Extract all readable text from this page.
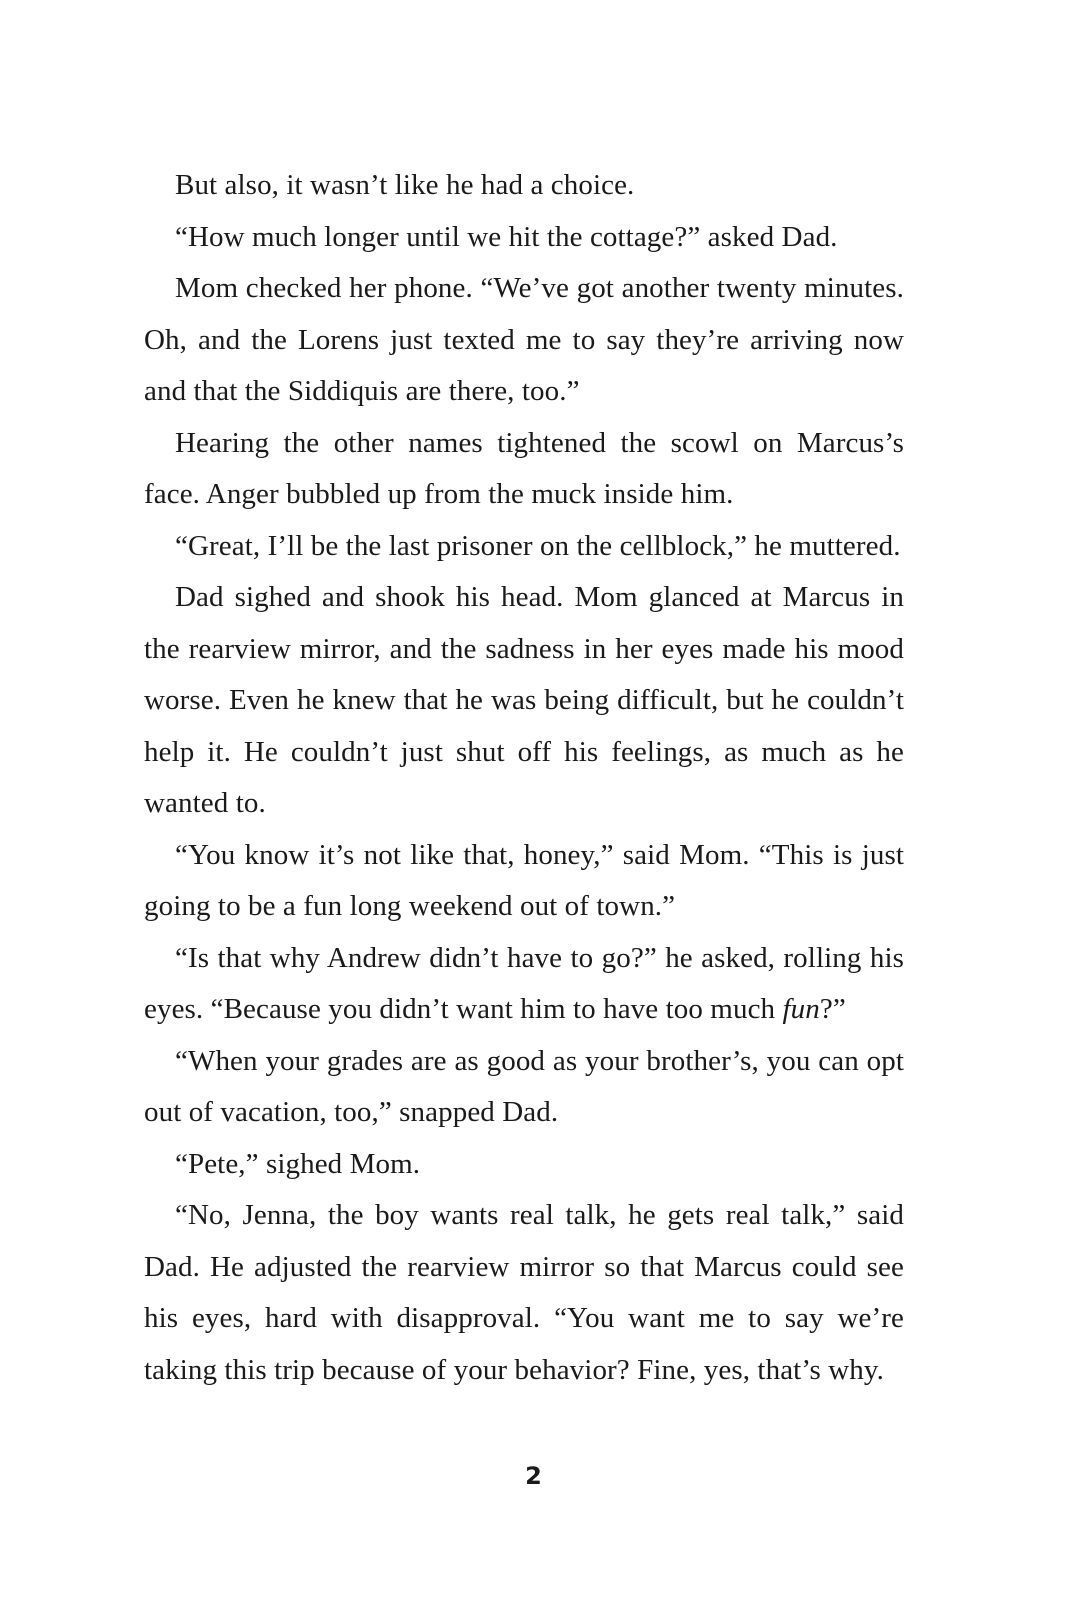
But also, it wasn’t like he had a choice.

“How much longer until we hit the cottage?” asked Dad.

Mom checked her phone. “We’ve got another twenty minutes. Oh, and the Lorens just texted me to say they’re arriving now and that the Siddiquis are there, too.”

Hearing the other names tightened the scowl on Marcus’s face. Anger bubbled up from the muck inside him.

“Great, I’ll be the last prisoner on the cellblock,” he muttered.

Dad sighed and shook his head. Mom glanced at Marcus in the rearview mirror, and the sadness in her eyes made his mood worse. Even he knew that he was being difficult, but he couldn’t help it. He couldn’t just shut off his feelings, as much as he wanted to.

“You know it’s not like that, honey,” said Mom. “This is just going to be a fun long weekend out of town.”

“Is that why Andrew didn’t have to go?” he asked, rolling his eyes. “Because you didn’t want him to have too much fun?”

“When your grades are as good as your brother’s, you can opt out of vacation, too,” snapped Dad.

“Pete,” sighed Mom.

“No, Jenna, the boy wants real talk, he gets real talk,” said Dad. He adjusted the rearview mirror so that Marcus could see his eyes, hard with disapproval. “You want me to say we’re taking this trip because of your behavior? Fine, yes, that’s why.

2
